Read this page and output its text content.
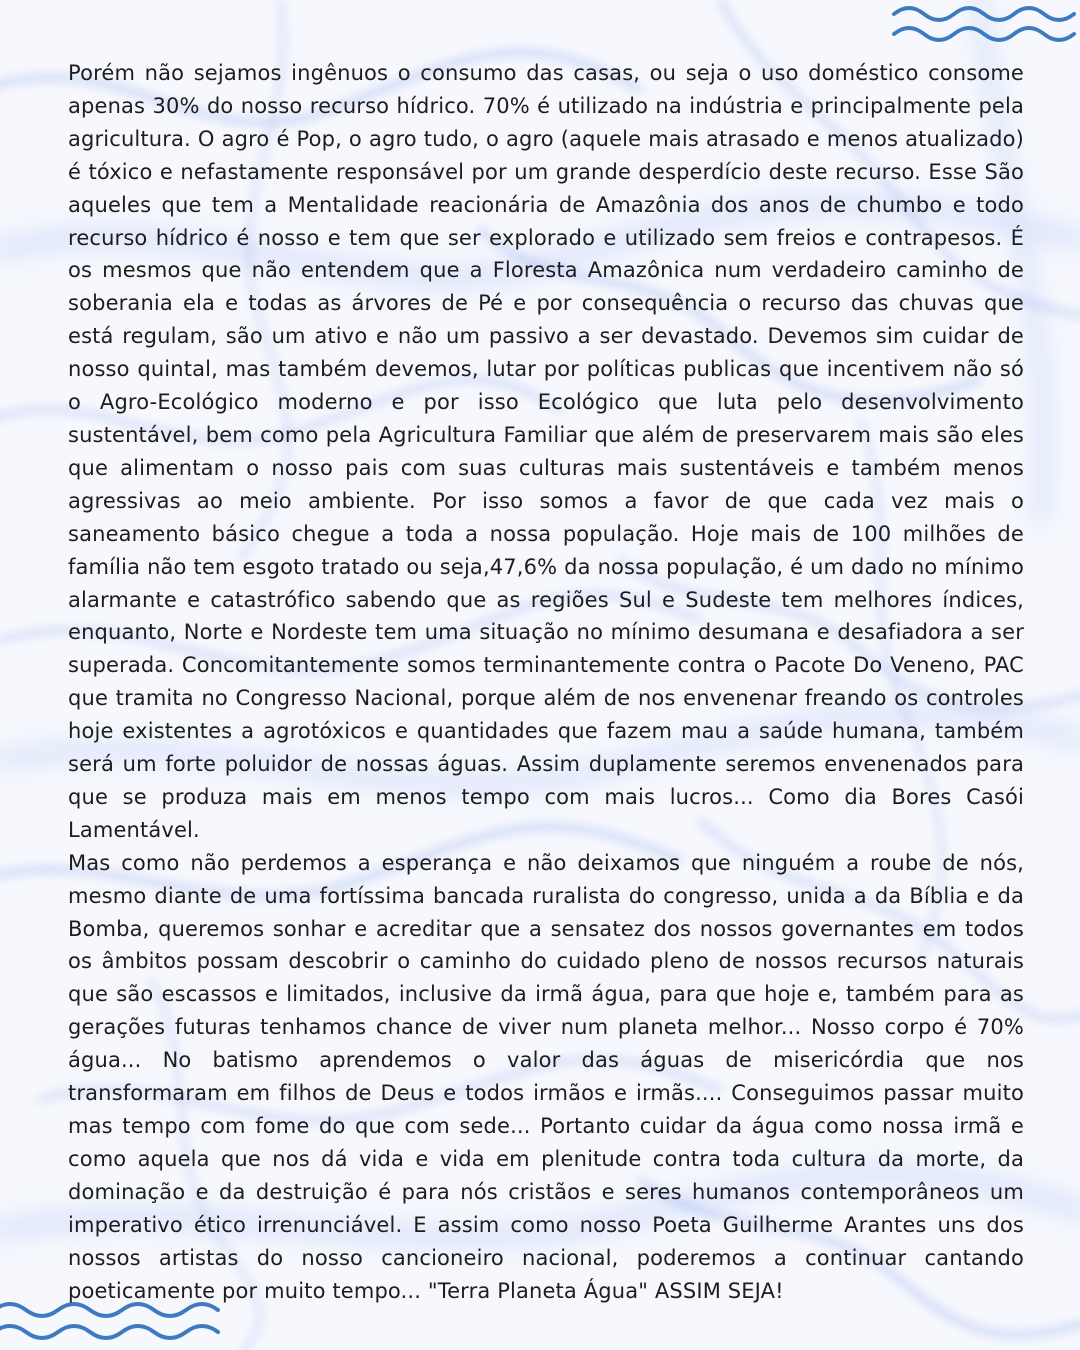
Porém não sejamos ingênuos o consumo das casas, ou seja o uso doméstico consome apenas 30% do nosso recurso hídrico. 70% é utilizado na indústria e principalmente pela agricultura. O agro é Pop, o agro tudo, o agro (aquele mais atrasado e menos atualizado) é tóxico e nefastamente responsável por um grande desperdício deste recurso. Esse São aqueles que tem a Mentalidade reacionária de Amazônia dos anos de chumbo e todo recurso hídrico é nosso e tem que ser explorado e utilizado sem freios e contrapesos. É os mesmos que não entendem que a Floresta Amazônica num verdadeiro caminho de soberania ela e todas as árvores de Pé e por consequência o recurso das chuvas que está regulam, são um ativo e não um passivo a ser devastado. Devemos sim cuidar de nosso quintal, mas também devemos, lutar por políticas publicas que incentivem não só o Agro-Ecológico moderno e por isso Ecológico que luta pelo desenvolvimento sustentável, bem como pela Agricultura Familiar que além de preservarem mais são eles que alimentam o nosso pais com suas culturas mais sustentáveis e também menos agressivas ao meio ambiente. Por isso somos a favor de que cada vez mais o saneamento básico chegue a toda a nossa população. Hoje mais de 100 milhões de família não tem esgoto tratado ou seja,47,6% da nossa população, é um dado no mínimo alarmante e catastrófico sabendo que as regiões Sul e Sudeste tem melhores índices, enquanto, Norte e Nordeste tem uma situação no mínimo desumana e desafiadora a ser superada. Concomitantemente somos terminantemente contra o Pacote Do Veneno, PAC que tramita no Congresso Nacional, porque além de nos envenenar freando os controles hoje existentes a agrotóxicos e quantidades que fazem mau a saúde humana, também será um forte poluidor de nossas águas. Assim duplamente seremos envenenados para que se produza mais em menos tempo com mais lucros... Como dia Bores Casói Lamentável.

Mas como não perdemos a esperança e não deixamos que ninguém a roube de nós, mesmo diante de uma fortíssima bancada ruralista do congresso, unida a da Bíblia e da Bomba, queremos sonhar e acreditar que a sensatez dos nossos governantes em todos os âmbitos possam descobrir o caminho do cuidado pleno de nossos recursos naturais que são escassos e limitados, inclusive da irmã água, para que hoje e, também para as gerações futuras tenhamos chance de viver num planeta melhor... Nosso corpo é 70% água... No batismo aprendemos o valor das águas de misericórdia que nos transformaram em filhos de Deus e todos irmãos e irmãs.... Conseguimos passar muito mas tempo com fome do que com sede... Portanto cuidar da água como nossa irmã e como aquela que nos dá vida e vida em plenitude contra toda cultura da morte, da dominação e da destruição é para nós cristãos e seres humanos contemporâneos um imperativo ético irrenunciável. E assim como nosso Poeta Guilherme Arantes uns dos nossos artistas do nosso cancioneiro nacional, poderemos a continuar cantando poeticamente por muito tempo... "Terra Planeta Água" ASSIM SEJA!
